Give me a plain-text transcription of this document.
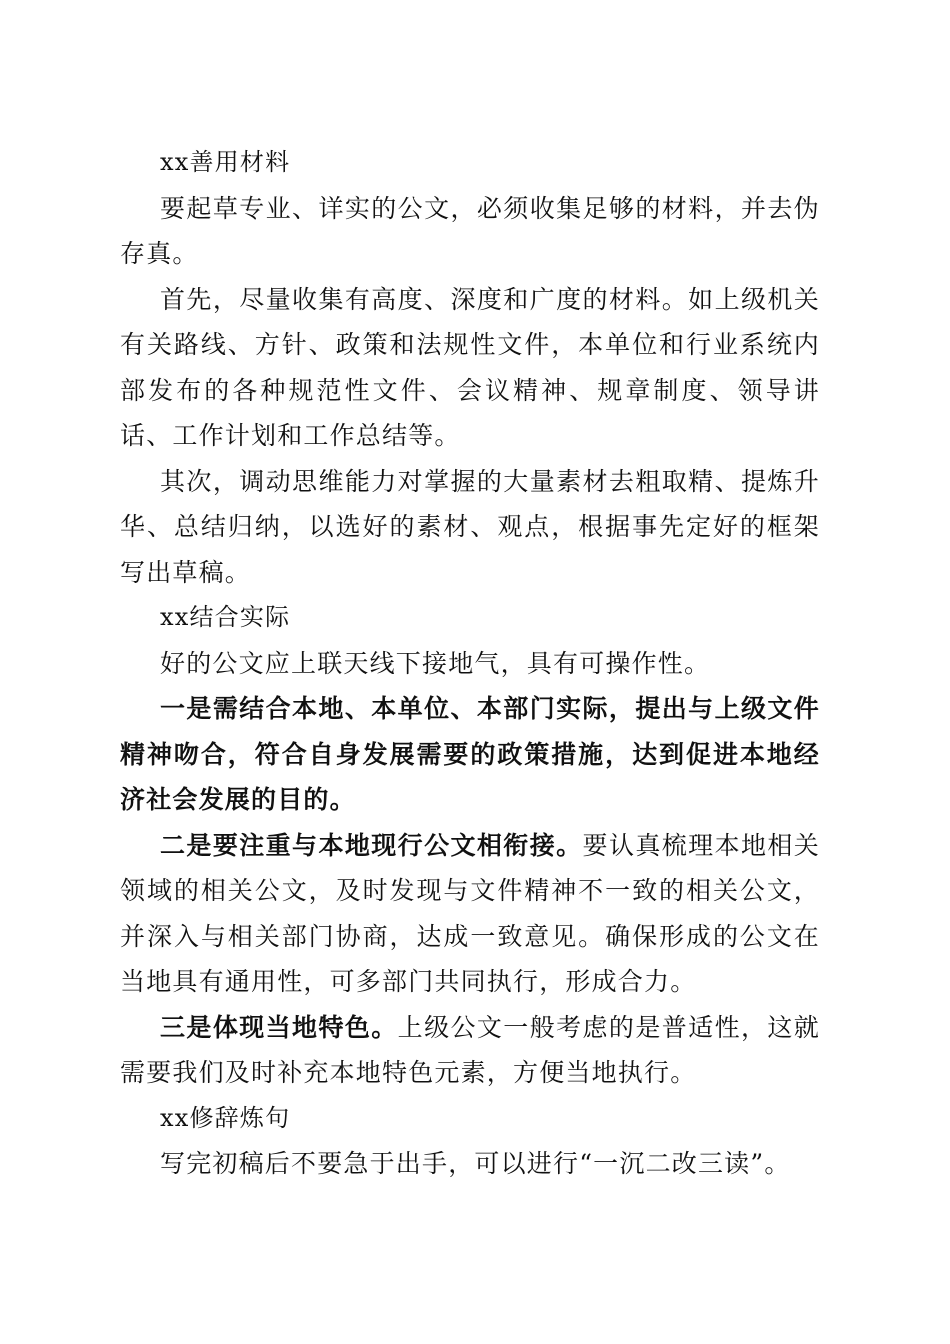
xx善用材料

要起草专业、详实的公文，必须收集足够的材料，并去伪存真。

首先，尽量收集有高度、深度和广度的材料。如上级机关有关路线、方针、政策和法规性文件，本单位和行业系统内部发布的各种规范性文件、会议精神、规章制度、领导讲话、工作计划和工作总结等。

其次，调动思维能力对掌握的大量素材去粗取精、提炼升华、总结归纳，以选好的素材、观点，根据事先定好的框架写出草稿。

xx结合实际

好的公文应上联天线下接地气，具有可操作性。

一是需结合本地、本单位、本部门实际，提出与上级文件精神吻合，符合自身发展需要的政策措施，达到促进本地经济社会发展的目的。

二是要注重与本地现行公文相衔接。要认真梳理本地相关领域的相关公文，及时发现与文件精神不一致的相关公文，并深入与相关部门协商，达成一致意见。确保形成的公文在当地具有通用性，可多部门共同执行，形成合力。

三是体现当地特色。上级公文一般考虑的是普适性，这就需要我们及时补充本地特色元素，方便当地执行。

xx修辞炼句

写完初稿后不要急于出手，可以进行“一沉二改三读”。
